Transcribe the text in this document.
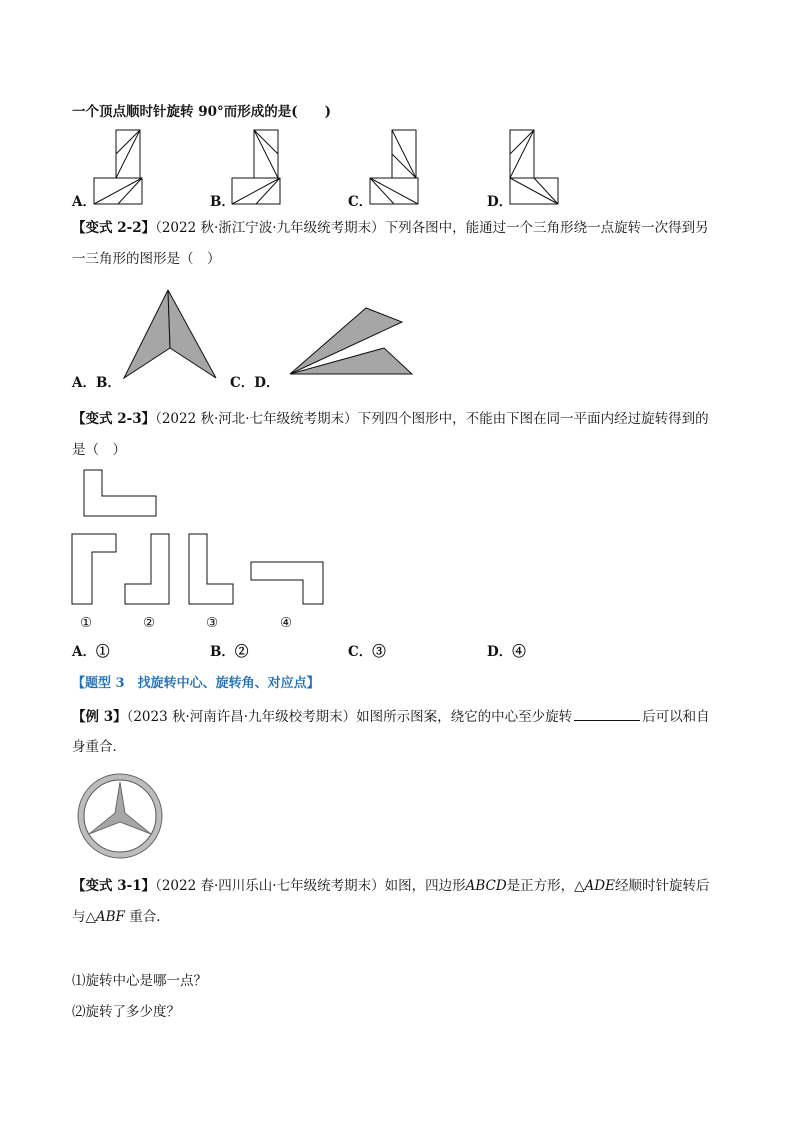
一个顶点顺时针旋转 90°而形成的是(　　)
A．	B．	C．	D．
【变式 2-2】（2022 秋·浙江宁波·九年级统考期末）下列各图中，能通过一个三角形绕一点旋转一次得到另
一三角形的图形是（　）
A．B．	C．D．
【变式 2-3】（2022 秋·河北·七年级统考期末）下列四个图形中，不能由下图在同一平面内经过旋转得到的
是（　）
①	②	③	④
A．①	B．②	C．③	D．④
【题型 3　找旋转中心、旋转角、对应点】
【例 3】（2023 秋·河南许昌·九年级校考期末）如图所示图案，绕它的中心至少旋转	后可以和自
身重合．
【变式 3-1】（2022 春·四川乐山·七年级统考期末）如图，四边形ABCD是正方形，△ADE经顺时针旋转后
与△ABF 重合．
⑴旋转中心是哪一点？
⑵旋转了多少度？
